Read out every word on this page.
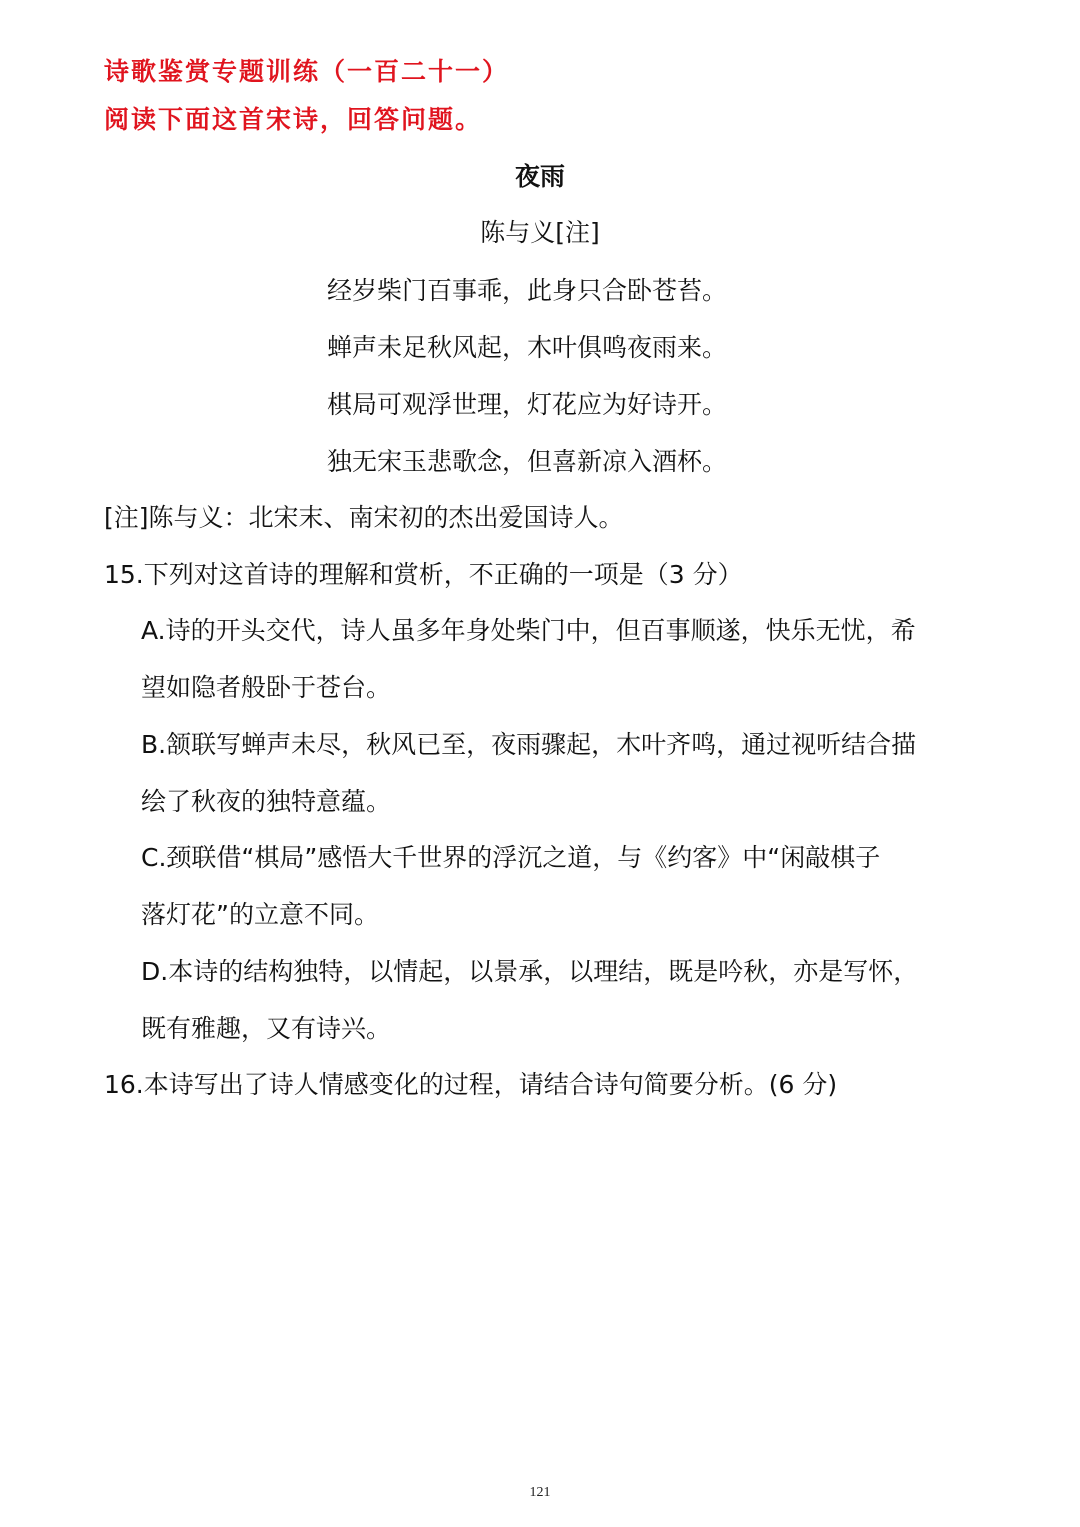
诗歌鉴赏专题训练（一百二十一）
阅读下面这首宋诗，回答问题。
夜雨
陈与义[注]
经岁柴门百事乖，此身只合卧苍苔。
蝉声未足秋风起，木叶俱鸣夜雨来。
棋局可观浮世理，灯花应为好诗开。
独无宋玉悲歌念，但喜新凉入酒杯。
[注]陈与义：北宋末、南宋初的杰出爱国诗人。
15.下列对这首诗的理解和赏析，不正确的一项是（3 分）
A.诗的开头交代，诗人虽多年身处柴门中，但百事顺遂，快乐无忧，希
望如隐者般卧于苍台。
B.颔联写蝉声未尽，秋风已至，夜雨骤起，木叶齐鸣，通过视听结合描
绘了秋夜的独特意蕴。
C.颈联借“棋局”感悟大千世界的浮沉之道，与《约客》中“闲敲棋子
落灯花”的立意不同。
D.本诗的结构独特，以情起，以景承，以理结，既是吟秋，亦是写怀，
既有雅趣，又有诗兴。
16.本诗写出了诗人情感变化的过程，请结合诗句简要分析。(6 分)
121
